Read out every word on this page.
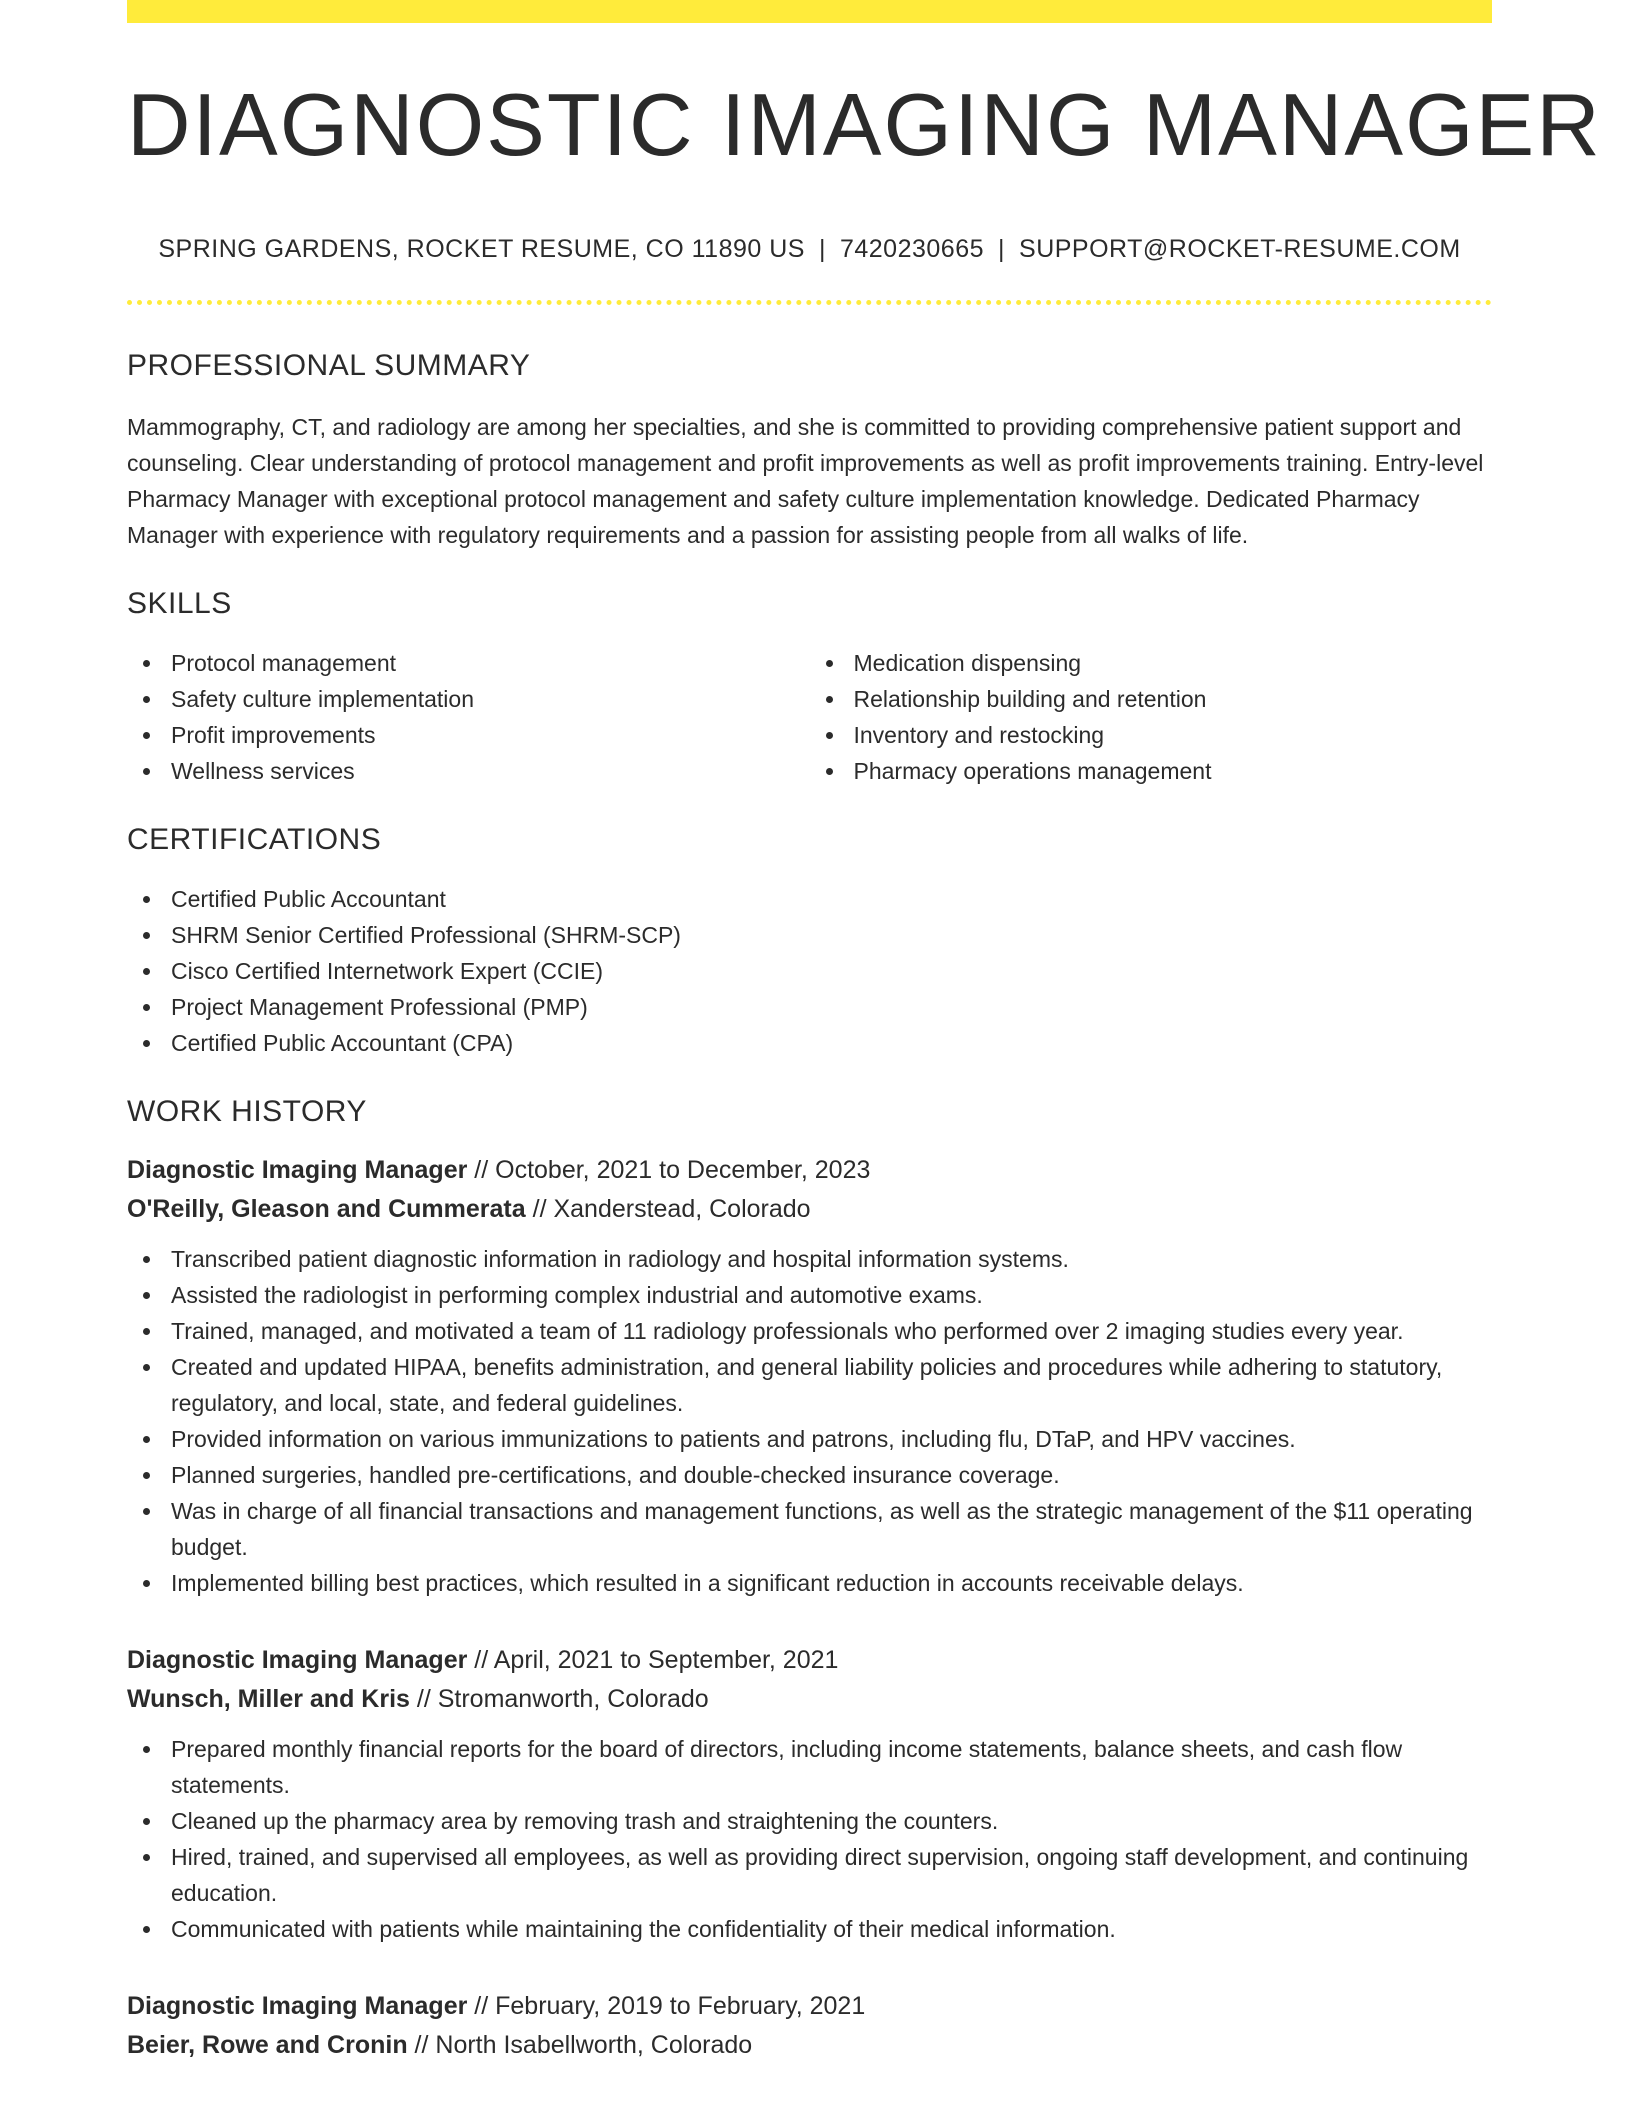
DIAGNOSTIC IMAGING MANAGER
SPRING GARDENS, ROCKET RESUME, CO 11890 US | 7420230665 | SUPPORT@ROCKET-RESUME.COM
PROFESSIONAL SUMMARY

Mammography, CT, and radiology are among her specialties, and she is committed to providing comprehensive patient support and counseling. Clear understanding of protocol management and profit improvements as well as profit improvements training. Entry-level Pharmacy Manager with exceptional protocol management and safety culture implementation knowledge. Dedicated Pharmacy Manager with experience with regulatory requirements and a passion for assisting people from all walks of life.

SKILLS
Protocol management
Safety culture implementation
Profit improvements
Wellness services
Medication dispensing
Relationship building and retention
Inventory and restocking
Pharmacy operations management
CERTIFICATIONS
Certified Public Accountant
SHRM Senior Certified Professional (SHRM-SCP)
Cisco Certified Internetwork Expert (CCIE)
Project Management Professional (PMP)
Certified Public Accountant (CPA)
WORK HISTORY
Diagnostic Imaging Manager // October, 2021 to December, 2023
O'Reilly, Gleason and Cummerata // Xanderstead, Colorado
Transcribed patient diagnostic information in radiology and hospital information systems.
Assisted the radiologist in performing complex industrial and automotive exams.
Trained, managed, and motivated a team of 11 radiology professionals who performed over 2 imaging studies every year.
Created and updated HIPAA, benefits administration, and general liability policies and procedures while adhering to statutory, regulatory, and local, state, and federal guidelines.
Provided information on various immunizations to patients and patrons, including flu, DTaP, and HPV vaccines.
Planned surgeries, handled pre-certifications, and double-checked insurance coverage.
Was in charge of all financial transactions and management functions, as well as the strategic management of the $11 operating budget.
Implemented billing best practices, which resulted in a significant reduction in accounts receivable delays.
Diagnostic Imaging Manager // April, 2021 to September, 2021
Wunsch, Miller and Kris // Stromanworth, Colorado
Prepared monthly financial reports for the board of directors, including income statements, balance sheets, and cash flow statements.
Cleaned up the pharmacy area by removing trash and straightening the counters.
Hired, trained, and supervised all employees, as well as providing direct supervision, ongoing staff development, and continuing education.
Communicated with patients while maintaining the confidentiality of their medical information.
Diagnostic Imaging Manager // February, 2019 to February, 2021
Beier, Rowe and Cronin // North Isabellworth, Colorado
